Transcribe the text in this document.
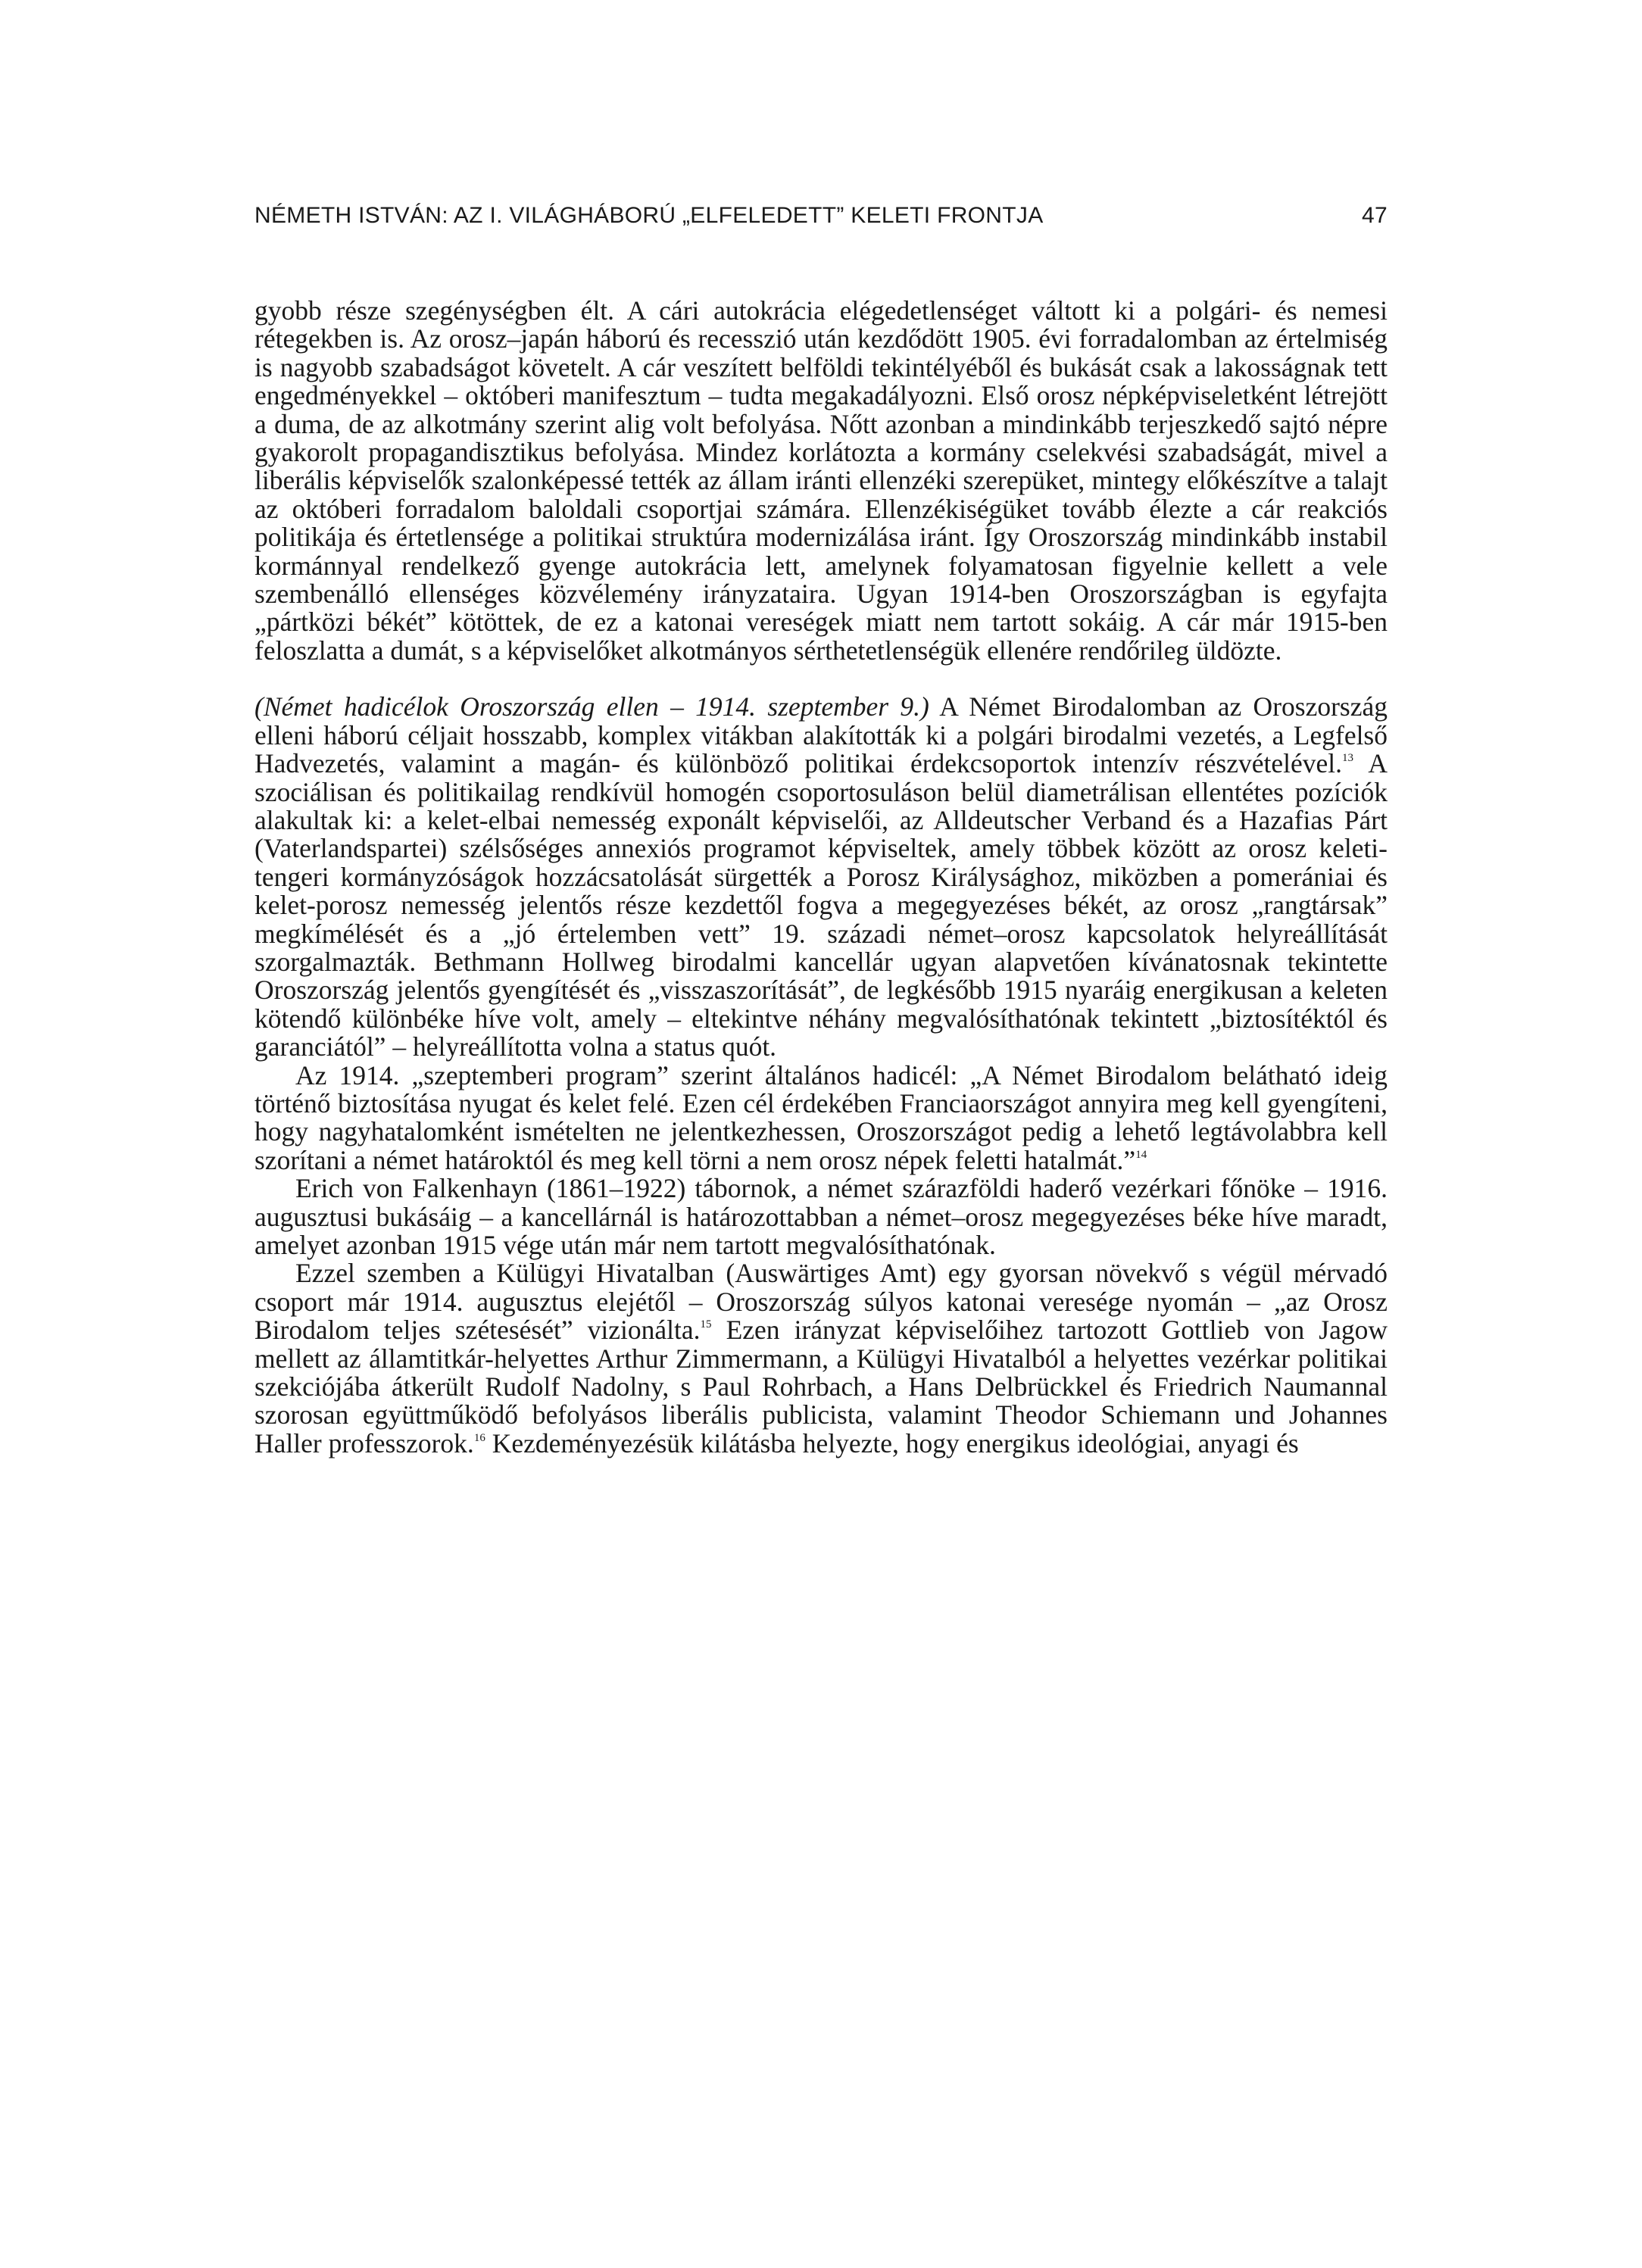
NÉMETH ISTVÁN: AZ I. VILÁGHÁBORÚ „ELFELEDETT” KELETI FRONTJA	47

gyobb része szegénységben élt. A cári autokrácia elégedetlenséget váltott ki a polgári- és nemesi rétegekben is. Az orosz–japán háború és recesszió után kezdődött 1905. évi forradalomban az értelmiség is nagyobb szabadságot követelt. A cár veszített belföldi tekintélyéből és bukását csak a lakosságnak tett engedményekkel – októberi manifesztum – tudta megakadályozni. Első orosz népképviseletként létrejött a duma, de az alkotmány szerint alig volt befolyása. Nőtt azonban a mindinkább terjeszkedő sajtó népre gyakorolt propagandisztikus befolyása. Mindez korlátozta a kormány cselekvési szabadságát, mivel a liberális képviselők szalonképessé tették az állam iránti ellenzéki szerepüket, mintegy előkészítve a talajt az októberi forradalom baloldali csoportjai számára. Ellenzékiségüket tovább élezte a cár reakciós politikája és értetlensége a politikai struktúra modernizálása iránt. Így Oroszország mindinkább instabil kormánnyal rendelkező gyenge autokrácia lett, amelynek folyamatosan figyelnie kellett a vele szembenálló ellenséges közvélemény irányzataira. Ugyan 1914-ben Oroszországban is egyfajta „pártközi békét” kötöttek, de ez a katonai vereségek miatt nem tartott sokáig. A cár már 1915-ben feloszlatta a dumát, s a képviselőket alkotmányos sérthetetlenségük ellenére rendőrileg üldözte.

(Német hadicélok Oroszország ellen – 1914. szeptember 9.) A Német Birodalomban az Oroszország elleni háború céljait hosszabb, komplex vitákban alakították ki a polgári birodalmi vezetés, a Legfelső Hadvezetés, valamint a magán- és különböző politikai érdekcsoportok intenzív részvételével.$^{13}$ A szociálisan és politikailag rendkívül homogén csoportosuláson belül diametrálisan ellentétes pozíciók alakultak ki: a kelet-elbai nemesség exponált képviselői, az Alldeutscher Verband és a Hazafias Párt (Vaterlandspartei) szélsőséges annexiós programot képviseltek, amely többek között az orosz keleti-tengeri kormányzóságok hozzácsatolását sürgették a Porosz Királysághoz, miközben a pomerániai és kelet-porosz nemesség jelentős része kezdettől fogva a megegyezéses békét, az orosz „rangtársak” megkímélését és a „jó értelemben vett” 19. századi német–orosz kapcsolatok helyreállítását szorgalmazták. Bethmann Hollweg birodalmi kancellár ugyan alapvetően kívánatosnak tekintette Oroszország jelentős gyengítését és „visszaszorítását”, de legkésőbb 1915 nyaráig energikusan a keleten kötendő különbéke híve volt, amely – eltekintve néhány megvalósíthatónak tekintett „biztosítéktól és garanciától” – helyreállította volna a status quót.

Az 1914. „szeptemberi program” szerint általános hadicél: „A Német Birodalom belátható ideig történő biztosítása nyugat és kelet felé. Ezen cél érdekében Franciaországot annyira meg kell gyengíteni, hogy nagyhatalomként ismételten ne jelentkezhessen, Oroszországot pedig a lehető legtávolabbra kell szorítani a német határoktól és meg kell törni a nem orosz népek feletti hatalmát.”$^{14}$

Erich von Falkenhayn (1861–1922) tábornok, a német szárazföldi haderő vezérkari főnöke – 1916. augusztusi bukásáig – a kancellárnál is határozottabban a német–orosz megegyezéses béke híve maradt, amelyet azonban 1915 vége után már nem tartott megvalósíthatónak.

Ezzel szemben a Külügyi Hivatalban (Auswärtiges Amt) egy gyorsan növekvő s végül mérvadó csoport már 1914. augusztus elejétől – Oroszország súlyos katonai veresége nyomán – „az Orosz Birodalom teljes szétesését” vizionálta.$^{15}$ Ezen irányzat képviselőihez tartozott Gottlieb von Jagow mellett az államtitkár-helyettes Arthur Zimmermann, a Külügyi Hivatalból a helyettes vezérkar politikai szekciójába átkerült Rudolf Nadolny, s Paul Rohrbach, a Hans Delbrückkel és Friedrich Naumannal szorosan együttműködő befolyásos liberális publicista, valamint Theodor Schiemann und Johannes Haller professzorok.$^{16}$ Kezdeményezésük kilátásba helyezte, hogy energikus ideológiai, anyagi és
